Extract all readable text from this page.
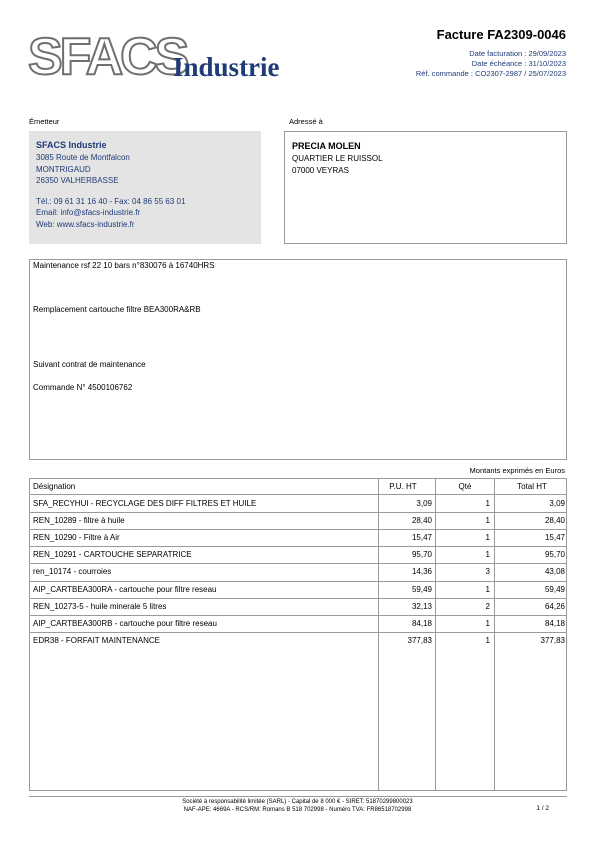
SFACS
Industrie
Facture FA2309-0046
Date facturation : 29/09/2023
Date échéance : 31/10/2023
Réf. commande : CO2307-2987 / 25/07/2023
Émetteur	Adressé à
SFACS Industrie
3085 Route de Montfalcon
MONTRIGAUD
26350 VALHERBASSE
Tél.: 09 61 31 16 40 - Fax: 04 86 55 63 01
Email: info@sfacs-industrie.fr
Web: www.sfacs-industrie.fr
PRECIA MOLEN
QUARTIER LE RUISSOL
07000 VEYRAS
Maintenance rsf 22 10 bars n°830076 à 16740HRS
Remplacement cartouche filtre BEA300RA&RB
Suivant contrat de maintenance
Commande N° 4500106762
Montants exprimés en Euros
Désignation	P.U. HT	Qté	Total HT
SFA_RECYHUI - RECYCLAGE DES DIFF FILTRES ET HUILE	3,09	1	3,09
REN_10289 - filtre à huile	28,40	1	28,40
REN_10290 - Filtre à Air	15,47	1	15,47
REN_10291 - CARTOUCHE SEPARATRICE	95,70	1	95,70
ren_10174 - courroies	14,36	3	43,08
AIP_CARTBEA300RA - cartouche pour filtre reseau	59,49	1	59,49
REN_10273-5 - huile minerale 5 litres	32,13	2	64,26
AIP_CARTBEA300RB - cartouche pour filtre reseau	84,18	1	84,18
EDR38 - FORFAIT MAINTENANCE	377,83	1	377,83
Société à responsabilité limitée (SARL) - Capital de 8 000 € - SIRET: 51870299800023
NAF-APE: 4669A - RCS/RM: Romans B 518 702998 - Numéro TVA: FR86518702998	1 / 2
